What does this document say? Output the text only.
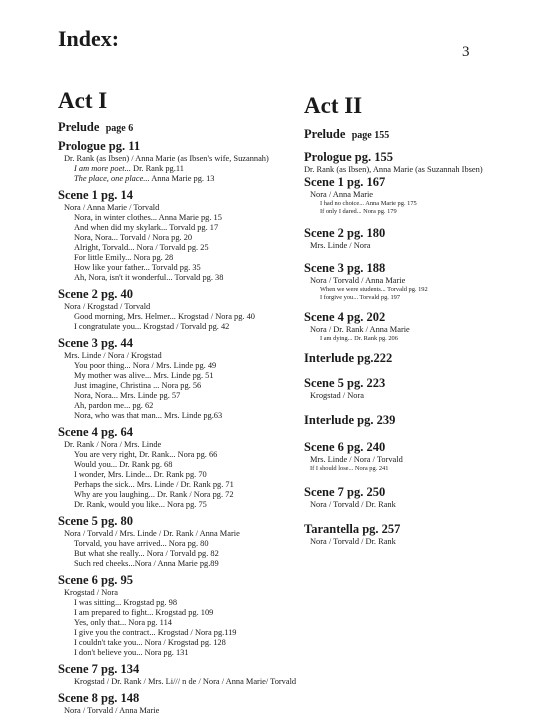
Index:
3
Act I
Prelude page 6
Prologue pg. 11
Dr. Rank (as Ibsen) / Anna Marie (as Ibsen's wife, Suzannah)
I am more poet... Dr. Rank pg.11
The place, one place... Anna Marie pg. 13
Scene 1 pg. 14
Nora / Anna Marie / Torvald
Nora, in winter clothes... Anna Marie pg. 15
And when did my skylark... Torvald pg. 17
Nora, Nora... Torvald / Nora pg. 20
Alright, Torvald... Nora / Torvald pg. 25
For little Emily... Nora pg. 28
How like your father... Torvald pg. 35
Ah, Nora, isn't it wonderful... Torvald pg. 38
Scene 2 pg. 40
Nora / Krogstad / Torvald
Good morning, Mrs. Helmer... Krogstad / Nora pg. 40
I congratulate you... Krogstad / Torvald pg. 42
Scene 3 pg. 44
Mrs. Linde / Nora / Krogstad
You poor thing... Nora / Mrs. Linde pg. 49
My mother was alive... Mrs. Linde pg. 51
Just imagine, Christina ... Nora pg. 56
Nora, Nora... Mrs. Linde pg. 57
Ah, pardon me... pg. 62
Nora, who was that man... Mrs. Linde pg.63
Scene 4 pg. 64
Dr. Rank / Nora / Mrs. Linde
You are very right, Dr. Rank... Nora pg. 66
Would you... Dr. Rank pg. 68
I wonder, Mrs. Linde... Dr. Rank pg. 70
Perhaps the sick... Mrs. Linde / Dr. Rank pg. 71
Why are you laughing... Dr. Rank / Nora pg. 72
Dr. Rank, would you like... Nora pg. 75
Scene 5 pg. 80
Nora / Torvald / Mrs. Linde / Dr. Rank / Anna Marie
Torvald, you have arrived... Nora pg. 80
But what she really... Nora / Torvald pg. 82
Such red cheeks...Nora / Anna Marie pg.89
Scene 6 pg. 95
Krogstad / Nora
I was sitting... Krogstad pg. 98
I am prepared to fight... Krogstad pg. 109
Yes, only that... Nora pg. 114
I give you the contract... Krogstad / Nora pg.119
I couldn't take you... Nora / Krogstad pg. 128
I don't believe you... Nora pg. 131
Scene 7 pg. 134
Krogstad / Dr. Rank / Mrs. Li/// n de / Nora / Anna Marie/ Torvald
Scene 8 pg. 148
Nora / Torvald / Anna Marie
Act II
Prelude page 155
Prologue pg. 155
Dr. Rank (as Ibsen), Anna Marie (as Suzannah Ibsen)
Scene 1 pg. 167
Nora / Anna Marie
I had no choice... Anna Marie pg. 175
If only I dared... Nora pg. 179
Scene 2 pg. 180
Mrs. Linde / Nora
Scene 3 pg. 188
Nora / Torvald / Anna Marie
When we were students... Torvald pg. 192
I forgive you... Torvald pg. 197
Scene 4 pg. 202
Nora / Dr. Rank / Anna Marie
I am dying... Dr. Rank pg. 206
Interlude pg.222
Scene 5 pg. 223
Krogstad / Nora
Interlude pg. 239
Scene 6 pg. 240
Mrs. Linde / Nora / Torvald
If I should lose... Nora pg. 241
Scene 7 pg. 250
Nora / Torvald / Dr. Rank
Tarantella pg. 257
Nora / Torvald / Dr. Rank
